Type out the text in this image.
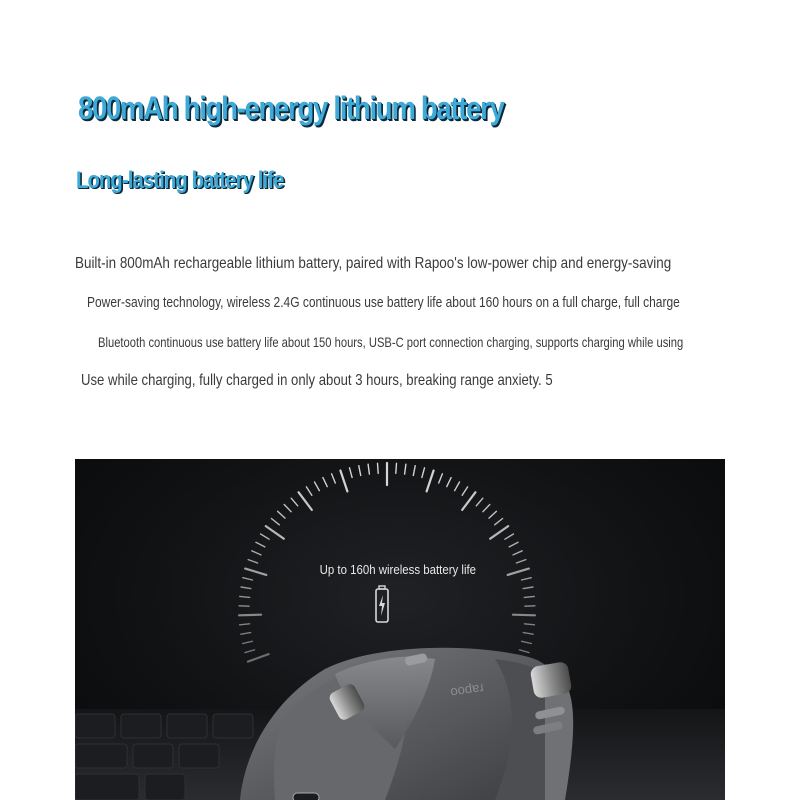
800mAh high-energy lithium battery
Long-lasting battery life
Built-in 800mAh rechargeable lithium battery, paired with Rapoo's low-power chip and energy-saving
Power-saving technology, wireless 2.4G continuous use battery life about 160 hours on a full charge, full charge
Bluetooth continuous use battery life about 150 hours, USB-C port connection charging, supports charging while using
Use while charging, fully charged in only about 3 hours, breaking range anxiety. 5
rapoo
Up to 160h wireless battery life
